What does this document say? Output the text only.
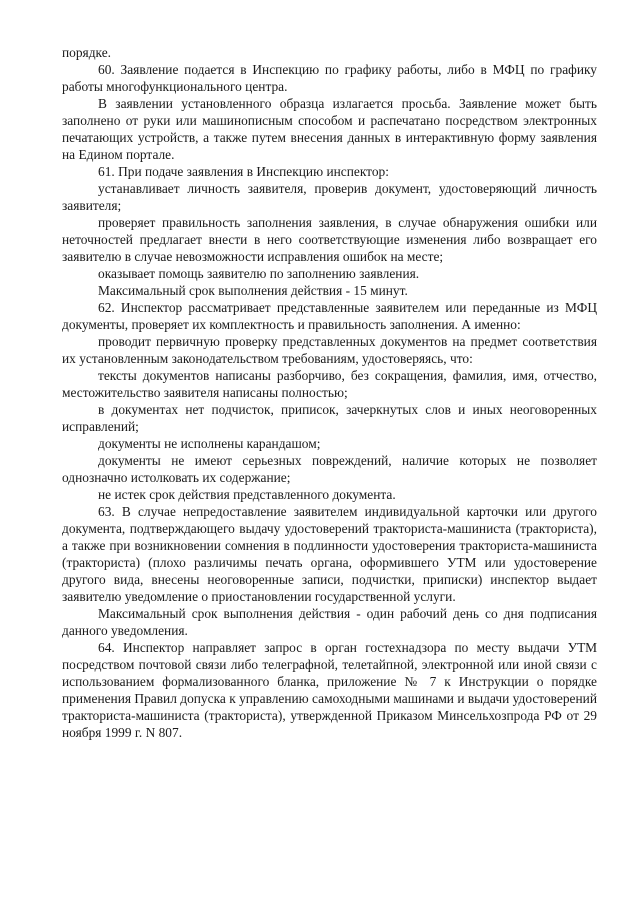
порядке.

60. Заявление подается в Инспекцию по графику работы, либо в МФЦ по графику работы многофункционального центра.

В заявлении установленного образца излагается просьба. Заявление может быть заполнено от руки или машинописным способом и распечатано посредством электронных печатающих устройств, а также путем внесения данных в интерактивную форму заявления на Едином портале.

61. При подаче заявления в Инспекцию инспектор:

устанавливает личность заявителя, проверив документ, удостоверяющий личность заявителя;

проверяет правильность заполнения заявления, в случае обнаружения ошибки или неточностей предлагает внести в него соответствующие изменения либо возвращает его заявителю в случае невозможности исправления ошибок на месте;

оказывает помощь заявителю по заполнению заявления.

Максимальный срок выполнения действия - 15 минут.

62. Инспектор рассматривает представленные заявителем или переданные из МФЦ документы, проверяет их комплектность и правильность заполнения. А именно:

проводит первичную проверку представленных документов на предмет соответствия их установленным законодательством требованиям, удостоверяясь, что:

тексты документов написаны разборчиво, без сокращения, фамилия, имя, отчество, местожительство заявителя написаны полностью;

в документах нет подчисток, приписок, зачеркнутых слов и иных неоговоренных исправлений;

документы не исполнены карандашом;

документы не имеют серьезных повреждений, наличие которых не позволяет однозначно истолковать их содержание;

не истек срок действия представленного документа.

63. В случае непредоставление заявителем индивидуальной карточки или другого документа, подтверждающего выдачу удостоверений тракториста-машиниста (тракториста), а также при возникновении сомнения в подлинности удостоверения тракториста-машиниста (тракториста) (плохо различимы печать органа, оформившего УТМ или удостоверение другого вида, внесены неоговоренные записи, подчистки, приписки) инспектор выдает заявителю уведомление о приостановлении государственной услуги.

Максимальный срок выполнения действия - один рабочий день со дня подписания данного уведомления.

64. Инспектор направляет запрос в орган гостехнадзора по месту выдачи УТМ посредством почтовой связи либо телеграфной, телетайпной, электронной или иной связи с использованием формализованного бланка, приложение № 7 к Инструкции о порядке применения Правил допуска к управлению самоходными машинами и выдачи удостоверений тракториста-машиниста (тракториста), утвержденной Приказом Минсельхозпрода РФ от 29 ноября 1999 г. N 807.
